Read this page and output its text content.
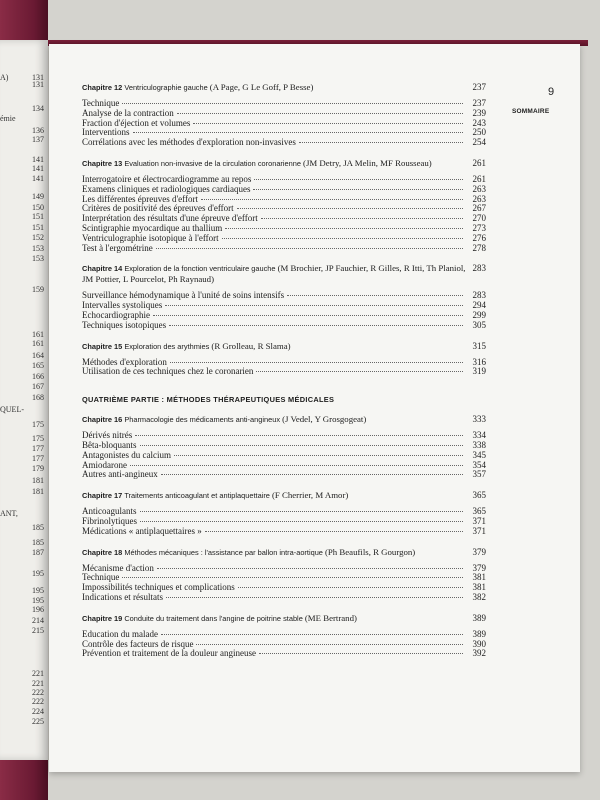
131
131
134
136
137
141
141
141
149
150
151
151
152
153
153
159
161
161
164
165
166
167
168
175
175
177
177
179
181
181
185
185
187
195
195
195
196
214
215
221
221
222
222
224
225
A)
émie
QUEL-
ANT,
9
SOMMAIRE
Chapitre 12 Ventriculographie gauche (A Page, G Le Goff, P Besse)	237
Technique	237
Analyse de la contraction	239
Fraction d'éjection et volumes	243
Interventions	250
Corrélations avec les méthodes d'exploration non-invasives	254
Chapitre 13 Evaluation non-invasive de la circulation coronarienne (JM Detry, JA Melin, MF Rousseau)	261
Interrogatoire et électrocardiogramme au repos	261
Examens cliniques et radiologiques cardiaques	263
Les différentes épreuves d'effort	263
Critères de positivité des épreuves d'effort	267
Interprétation des résultats d'une épreuve d'effort	270
Scintigraphie myocardique au thallium	273
Ventriculographie isotopique à l'effort	276
Test à l'ergométrine	278
Chapitre 14 Exploration de la fonction ventriculaire gauche (M Brochier, JP Fauchier, R Gilles, R Itti, Th Planiol, JM Pottier, L Pourcelot, Ph Raynaud)
283
Surveillance hémodynamique à l'unité de soins intensifs	283
Intervalles systoliques	294
Echocardiographie	299
Techniques isotopiques	305
Chapitre 15 Exploration des arythmies (R Grolleau, R Slama)	315
Méthodes d'exploration	316
Utilisation de ces techniques chez le coronarien	319
QUATRIÈME PARTIE : MÉTHODES THÉRAPEUTIQUES MÉDICALES
Chapitre 16 Pharmacologie des médicaments anti-angineux (J Vedel, Y Grosgogeat)	333
Dérivés nitrés	334
Bêta-bloquants	338
Antagonistes du calcium	345
Amiodarone	354
Autres anti-angineux	357
Chapitre 17 Traitements anticoagulant et antiplaquettaire (F Cherrier, M Amor)	365
Anticoagulants	365
Fibrinolytiques	371
Médications « antiplaquettaires »	371
Chapitre 18 Méthodes mécaniques : l'assistance par ballon intra-aortique (Ph Beaufils, R Gourgon)	379
Mécanisme d'action	379
Technique	381
Impossibilités techniques et complications	381
Indications et résultats	382
Chapitre 19 Conduite du traitement dans l'angine de poitrine stable (ME Bertrand)	389
Education du malade	389
Contrôle des facteurs de risque	390
Prévention et traitement de la douleur angineuse	392
